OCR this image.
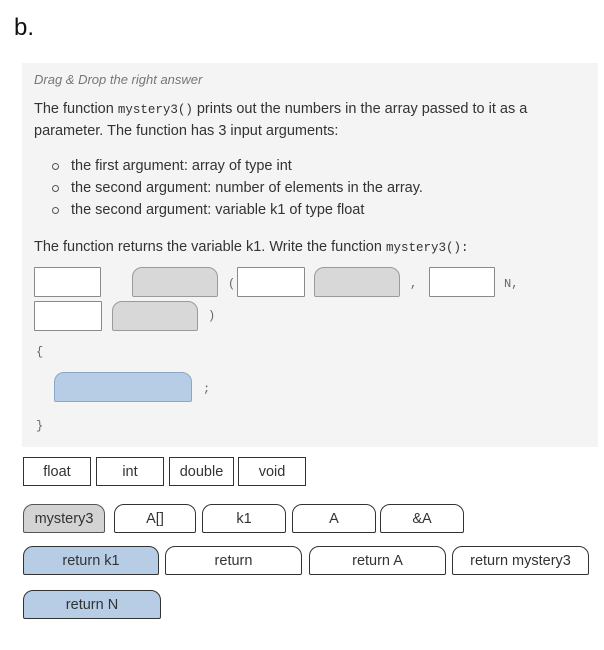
b.
Drag & Drop the right answer
The function mystery3() prints out the numbers in the array passed to it as a parameter. The function has 3 input arguments:
the first argument: array of type int
the second argument: number of elements in the array.
the second argument: variable k1 of type float
The function returns the variable k1. Write the function mystery3():
(	,	N,
)
{
;
}
float	int	double	void
mystery3	A[]	k1	A	&A
return k1	return	return A	return mystery3
return N
